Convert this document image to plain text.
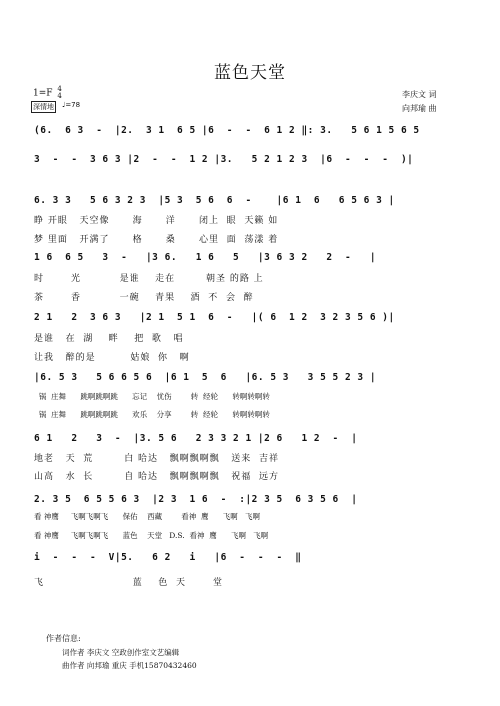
蓝色天堂
李庆文 词
向邦瑜 曲
1=F 4
4
深情地 ♩=78
(6.  6 3  -  |2.  3 1  6 5 |6  -  -  6 1 2 ‖: 3.   5 6 1 5 6 5
3  -  -  3 6 3 |2  -  -  1 2 |3.   5 2 1 2 3  |6  -  -  -  )|
6. 3 3   5 6 3 2 3  |5 3  5 6  6  -    |6 1  6   6 5 6 3 |
睁 开眼   天空像      海      洋      闭上  眼  天籁 如
梦 里面   开满了      格      桑      心里  面  荡漾 着
1 6  6 5   3  -   |3 6.   1 6   5   |3 6 3 2   2  -   |
时       光          是谁    走在        朝圣 的路 上
茶       香          一碗    青果    酒  不  会  醉
2 1   2  3 6 3   |2 1  5 1  6  -   |( 6  1 2  3 2 3 5 6 )|
是谁   在  湖    畔    把  歌   唱
让我   醉的是         姑娘  你   啊
|6. 5 3   5 6 6 5 6  |6 1  5  6   |6. 5 3   3 5 5 2 3 |
锅  庄舞      跳啊跳啊跳      忘记    忧伤        转  经轮      转啊转啊转
锅  庄舞      跳啊跳啊跳      欢乐    分享        转  经轮      转啊转啊转
6 1   2   3  -  |3. 5 6   2 3 3 2 1 |2 6   1 2  -  |
地老   天  荒        白 哈达   飘啊飘啊飘   送来  吉祥
山高   水  长        自 哈达   飘啊飘啊飘   祝福  远方
2. 3 5  6 5 5 6 3  |2 3  1 6  -  :|2 3 5  6 3 5 6  |
看 神鹰     飞啊飞啊飞      保佑    西藏        看神  鹰      飞啊   飞啊
看 神鹰     飞啊飞啊飞      蓝色    天堂   D.S.  看神  鹰      飞啊   飞啊
i  -  -  -  V|5.   6 2   i   |6  -  -  -  ‖
飞                       蓝    色  天       堂
作者信息:
词作者 李庆文 空政创作室文艺编辑
曲作者 向邦瑜 重庆 手机15870432460
